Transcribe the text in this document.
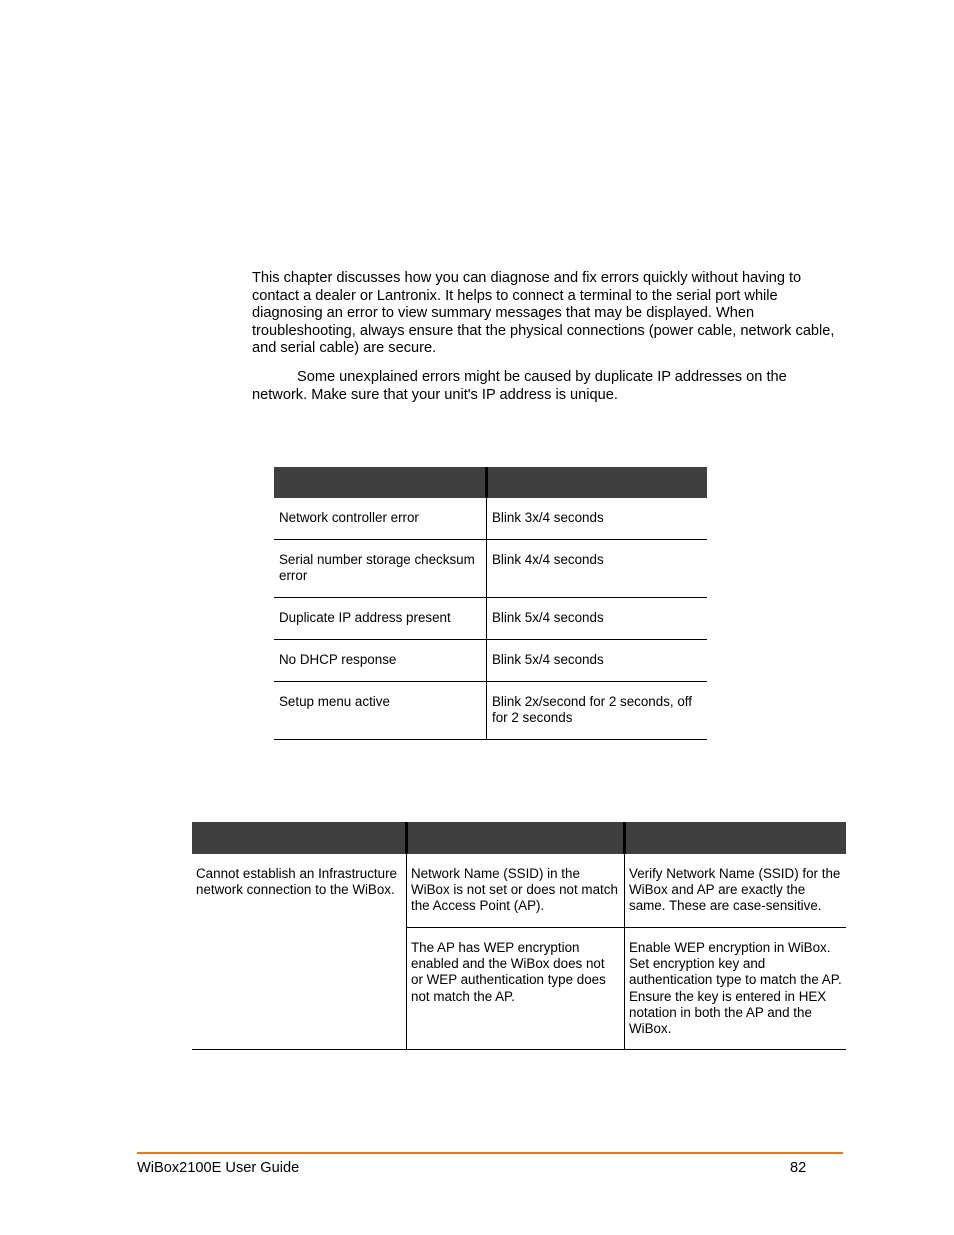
This chapter discusses how you can diagnose and fix errors quickly without having to contact a dealer or Lantronix. It helps to connect a terminal to the serial port while diagnosing an error to view summary messages that may be displayed. When troubleshooting, always ensure that the physical connections (power cable, network cable, and serial cable) are secure.

Some unexplained errors might be caused by duplicate IP addresses on the network. Make sure that your unit's IP address is unique.

Network controller error	Blink 3x/4 seconds
Serial number storage checksum error	Blink 4x/4 seconds
Duplicate IP address present	Blink 5x/4 seconds
No DHCP response	Blink 5x/4 seconds
Setup menu active	Blink 2x/second for 2 seconds, off for 2 seconds

Cannot establish an Infrastructure network connection to the WiBox.	Network Name (SSID) in the WiBox is not set or does not match the Access Point (AP).	Verify Network Name (SSID) for the WiBox and AP are exactly the same. These are case-sensitive.
	The AP has WEP encryption enabled and the WiBox does not or WEP authentication type does not match the AP.	Enable WEP encryption in WiBox. Set encryption key and authentication type to match the AP. Ensure the key is entered in HEX notation in both the AP and the WiBox.
WiBox2100E User Guide	82
